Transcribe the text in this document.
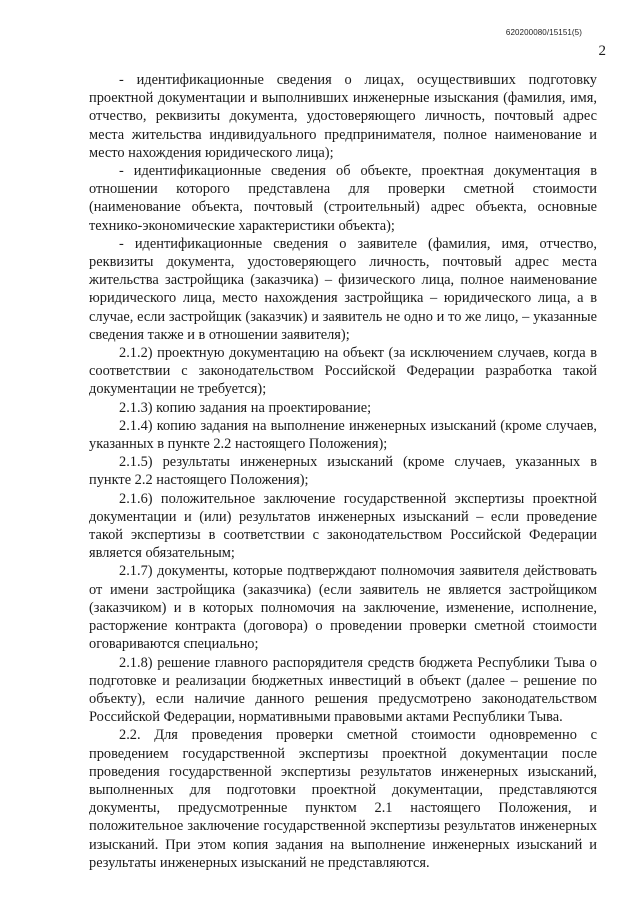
620200080/15151(5)
2

- идентификационные сведения о лицах, осуществивших подготовку проектной документации и выполнивших инженерные изыскания (фамилия, имя, отчество, реквизиты документа, удостоверяющего личность, почтовый адрес места жительства индивидуального предпринимателя, полное наименование и место нахождения юридического лица);

- идентификационные сведения об объекте, проектная документация в отношении которого представлена для проверки сметной стоимости (наименование объекта, почтовый (строительный) адрес объекта, основные технико-экономические характеристики объекта);

- идентификационные сведения о заявителе (фамилия, имя, отчество, реквизиты документа, удостоверяющего личность, почтовый адрес места жительства застройщика (заказчика) – физического лица, полное наименование юридического лица, место нахождения застройщика – юридического лица, а в случае, если застройщик (заказчик) и заявитель не одно и то же лицо, – указанные сведения также и в отношении заявителя);

2.1.2) проектную документацию на объект (за исключением случаев, когда в соответствии с законодательством Российской Федерации разработка такой документации не требуется);

2.1.3) копию задания на проектирование;

2.1.4) копию задания на выполнение инженерных изысканий (кроме случаев, указанных в пункте 2.2 настоящего Положения);

2.1.5) результаты инженерных изысканий (кроме случаев, указанных в пункте 2.2 настоящего Положения);

2.1.6) положительное заключение государственной экспертизы проектной документации и (или) результатов инженерных изысканий – если проведение такой экспертизы в соответствии с законодательством Российской Федерации является обязательным;

2.1.7) документы, которые подтверждают полномочия заявителя действовать от имени застройщика (заказчика) (если заявитель не является застройщиком (заказчиком) и в которых полномочия на заключение, изменение, исполнение, расторжение контракта (договора) о проведении проверки сметной стоимости оговариваются специально;

2.1.8) решение главного распорядителя средств бюджета Республики Тыва о подготовке и реализации бюджетных инвестиций в объект (далее – решение по объекту), если наличие данного решения предусмотрено законодательством Российской Федерации, нормативными правовыми актами Республики Тыва.

2.2. Для проведения проверки сметной стоимости одновременно с проведением государственной экспертизы проектной документации после проведения государственной экспертизы результатов инженерных изысканий, выполненных для подготовки проектной документации, представляются документы, предусмотренные пунктом 2.1 настоящего Положения, и положительное заключение государственной экспертизы результатов инженерных изысканий. При этом копия задания на выполнение инженерных изысканий и результаты инженерных изысканий не представляются.
